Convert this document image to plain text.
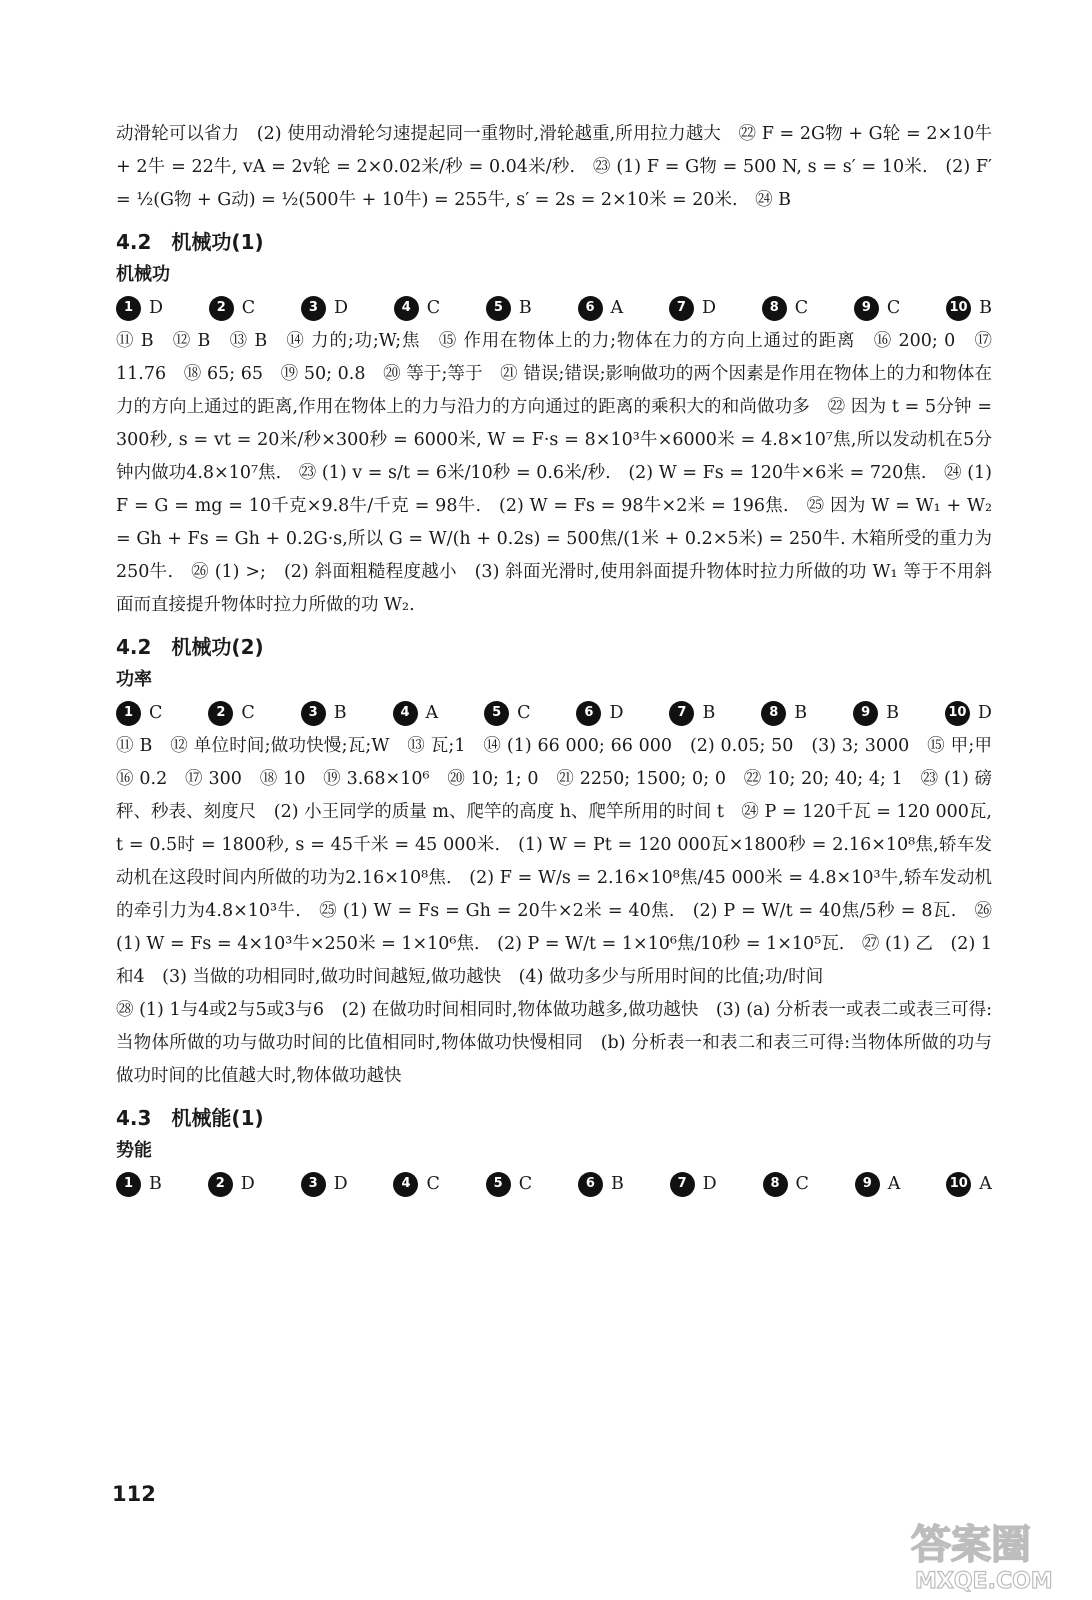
动滑轮可以省力　(2) 使用动滑轮匀速提起同一重物时,滑轮越重,所用拉力越大　㉒ F = 2G物 + G轮 = 2×10牛 + 2牛 = 22牛, vA = 2v轮 = 2×0.02米/秒 = 0.04米/秒.　㉓ (1) F = G物 = 500 N, s = s′ = 10米.　(2) F′ = ½(G物 + G动) = ½(500牛 + 10牛) = 255牛, s′ = 2s = 2×10米 = 20米.　㉔ B

4.2　机械功(1)
机械功
1 D	2 C	3 D	4 C	5 B	6 A	7 D	8 C	9 C	10 B

⑪ B　⑫ B　⑬ B　⑭ 力的;功;W;焦　⑮ 作用在物体上的力;物体在力的方向上通过的距离　⑯ 200; 0　⑰ 11.76　⑱ 65; 65　⑲ 50; 0.8　⑳ 等于;等于　㉑ 错误;错误;影响做功的两个因素是作用在物体上的力和物体在力的方向上通过的距离,作用在物体上的力与沿力的方向通过的距离的乘积大的和尚做功多　㉒ 因为 t = 5分钟 = 300秒, s = vt = 20米/秒×300秒 = 6000米, W = F·s = 8×10³牛×6000米 = 4.8×10⁷焦,所以发动机在5分钟内做功4.8×10⁷焦.　㉓ (1) v = s/t = 6米/10秒 = 0.6米/秒.　(2) W = Fs = 120牛×6米 = 720焦.　㉔ (1) F = G = mg = 10千克×9.8牛/千克 = 98牛.　(2) W = Fs = 98牛×2米 = 196焦.　㉕ 因为 W = W₁ + W₂ = Gh + Fs = Gh + 0.2G·s,所以 G = W/(h + 0.2s) = 500焦/(1米 + 0.2×5米) = 250牛. 木箱所受的重力为250牛.　㉖ (1) >;　(2) 斜面粗糙程度越小　(3) 斜面光滑时,使用斜面提升物体时拉力所做的功 W₁ 等于不用斜面而直接提升物体时拉力所做的功 W₂.

4.2　机械功(2)
功率
1 C	2 C	3 B	4 A	5 C	6 D	7 B	8 B	9 B	10 D

⑪ B　⑫ 单位时间;做功快慢;瓦;W　⑬ 瓦;1　⑭ (1) 66 000; 66 000　(2) 0.05; 50　(3) 3; 3000　⑮ 甲;甲　⑯ 0.2　⑰ 300　⑱ 10　⑲ 3.68×10⁶　⑳ 10; 1; 0　㉑ 2250; 1500; 0; 0　㉒ 10; 20; 40; 4; 1　㉓ (1) 磅秤、秒表、刻度尺　(2) 小王同学的质量 m、爬竿的高度 h、爬竿所用的时间 t　㉔ P = 120千瓦 = 120 000瓦, t = 0.5时 = 1800秒, s = 45千米 = 45 000米.　(1) W = Pt = 120 000瓦×1800秒 = 2.16×10⁸焦,轿车发动机在这段时间内所做的功为2.16×10⁸焦.　(2) F = W/s = 2.16×10⁸焦/45 000米 = 4.8×10³牛,轿车发动机的牵引力为4.8×10³牛.　㉕ (1) W = Fs = Gh = 20牛×2米 = 40焦.　(2) P = W/t = 40焦/5秒 = 8瓦.　㉖ (1) W = Fs = 4×10³牛×250米 = 1×10⁶焦.　(2) P = W/t = 1×10⁶焦/10秒 = 1×10⁵瓦.　㉗ (1) 乙　(2) 1和4　(3) 当做的功相同时,做功时间越短,做功越快　(4) 做功多少与所用时间的比值;功/时间

㉘ (1) 1与4或2与5或3与6　(2) 在做功时间相同时,物体做功越多,做功越快　(3) (a) 分析表一或表二或表三可得:当物体所做的功与做功时间的比值相同时,物体做功快慢相同　(b) 分析表一和表二和表三可得:当物体所做的功与做功时间的比值越大时,物体做功越快

4.3　机械能(1)
势能
1 B	2 D	3 D	4 C	5 C	6 B	7 D	8 C	9 A	10 A
112
答案圈
MXQE.COM
